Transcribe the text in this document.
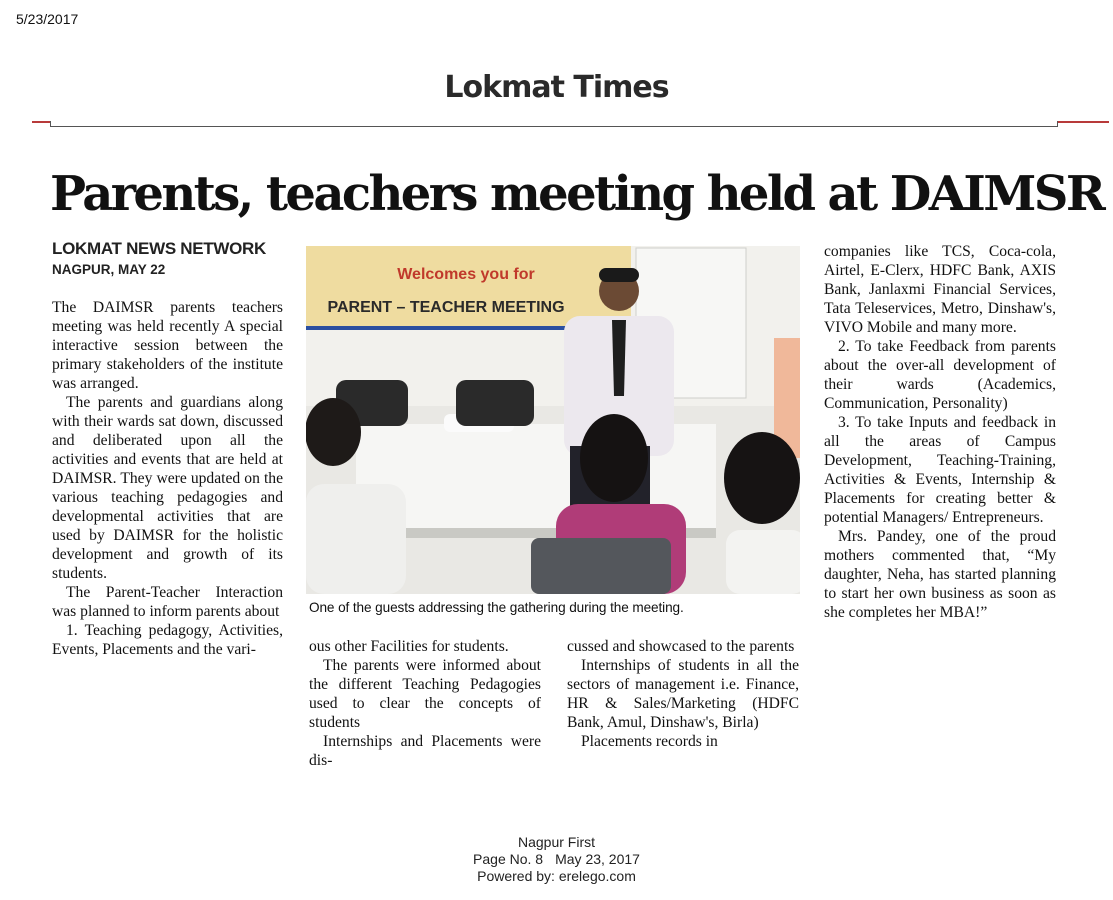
5/23/2017
Lokmat Times
Parents, teachers meeting held at DAIMSR
LOKMAT NEWS NETWORK
NAGPUR, MAY 22

The DAIMSR parents teachers meeting was held recently A special interactive session between the primary stakeholders of the institute was arranged.

The parents and guardians along with their wards sat down, discussed and deliberated upon all the activities and events that are held at DAIMSR. They were updated on the various teaching pedagogies and developmental activities that are used by DAIMSR for the holistic development and growth of its students.

The Parent-Teacher Interaction was planned to inform parents about

1. Teaching pedagogy, Activities, Events, Placements and the vari-	ous other Facilities for students.

The parents were informed about the different Teaching Pedagogies used to clear the concepts of students

Internships and Placements were dis-

cussed and showcased to the parents

Internships of students in all the sectors of management i.e. Finance, HR & Sales/Marketing (HDFC Bank, Amul, Dinshaw's, Birla)

Placements records in

companies like TCS, Coca-cola, Airtel, E-Clerx, HDFC Bank, AXIS Bank, Janlaxmi Financial Services, Tata Teleservices, Metro, Dinshaw's, VIVO Mobile and many more.

2. To take Feedback from parents about the over-all development of their wards (Academics, Communication, Personality)

3. To take Inputs and feedback in all the areas of Campus Development, Teaching-Training, Activities & Events, Internship & Placements for creating better & potential Managers/ Entrepreneurs.

Mrs. Pandey, one of the proud mothers commented that, “My daughter, Neha, has started planning to start her own business as soon as she completes her MBA!”

Welcomes you for
PARENT – TEACHER MEETING
One of the guests addressing the gathering during the meeting.
Nagpur First
Page No. 8 May 23, 2017
Powered by: erelego.com
